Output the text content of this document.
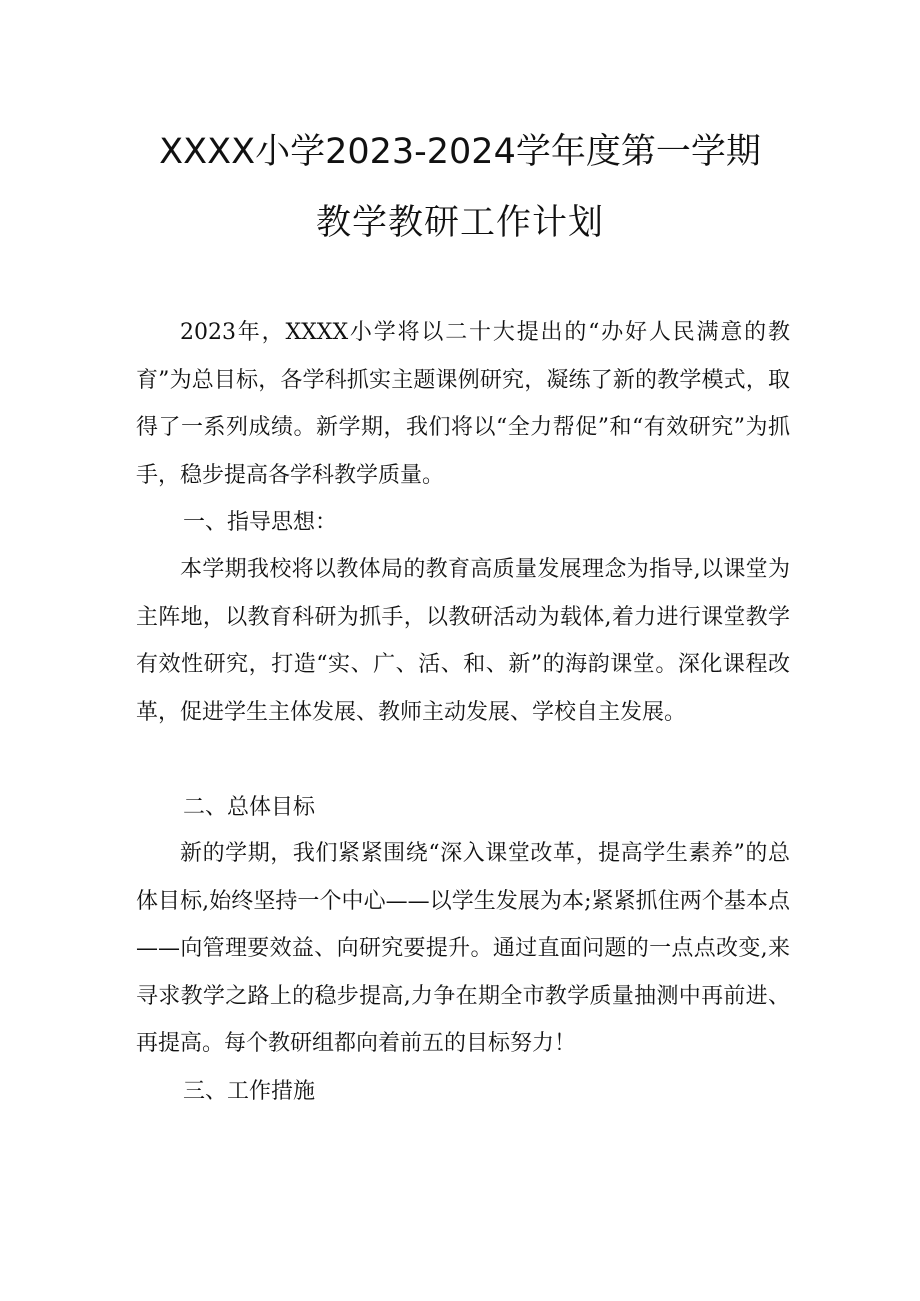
XXXX小学2023-2024学年度第一学期
教学教研工作计划
2023年，XXXX小学将以二十大提出的“办好人民满意的教育”为总目标，各学科抓实主题课例研究，凝练了新的教学模式，取得了一系列成绩。新学期，我们将以“全力帮促”和“有效研究”为抓手，稳步提高各学科教学质量。
一、指导思想：
本学期我校将以教体局的教育高质量发展理念为指导,以课堂为主阵地，以教育科研为抓手，以教研活动为载体,着力进行课堂教学有效性研究，打造“实、广、活、和、新”的海韵课堂。深化课程改革，促进学生主体发展、教师主动发展、学校自主发展。
二、总体目标
新的学期，我们紧紧围绕“深入课堂改革，提高学生素养”的总体目标,始终坚持一个中心——以学生发展为本;紧紧抓住两个基本点——向管理要效益、向研究要提升。通过直面问题的一点点改变,来寻求教学之路上的稳步提高,力争在期全市教学质量抽测中再前进、再提高。每个教研组都向着前五的目标努力！
三、工作措施
